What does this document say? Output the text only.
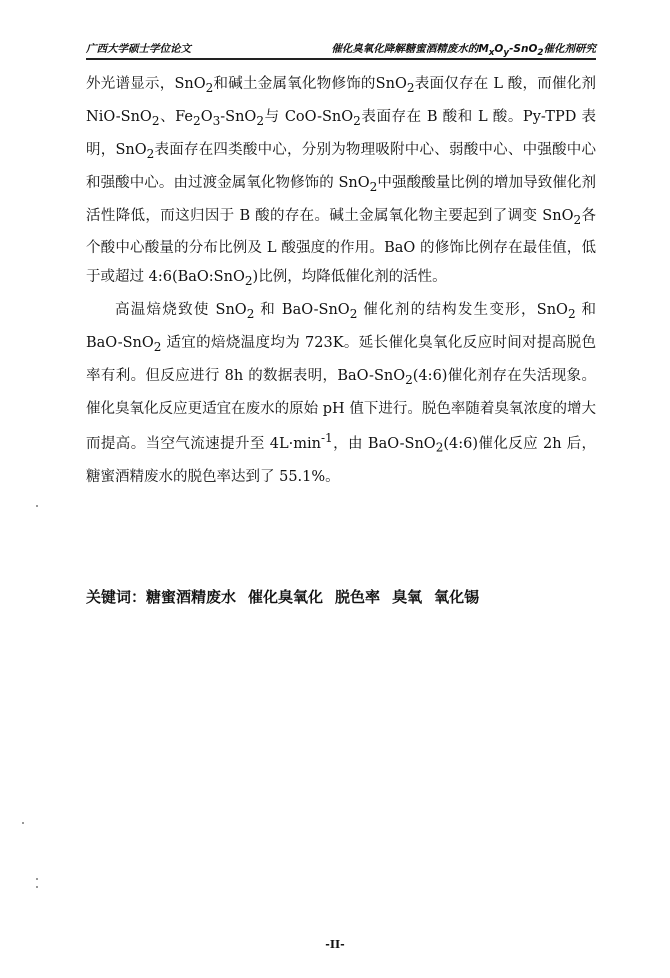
广西大学硕士学位论文	催化臭氧化降解糖蜜酒精废水的$M_xO_y-SnO_2$催化剂研究

外光谱显示，SnO$_2$和碱土金属氧化物修饰的SnO$_2$表面仅存在 L 酸，而催化剂 NiO-SnO$_2$、$Fe_2O_3-SnO_2$与 CoO-SnO$_2$表面存在 B 酸和 L 酸。Py-TPD 表明，SnO$_2$表面存在四类酸中心，分别为物理吸附中心、弱酸中心、中强酸中心和强酸中心。由过渡金属氧化物修饰的 SnO$_2$中强酸酸量比例的增加导致催化剂活性降低，而这归因于 B 酸的存在。碱土金属氧化物主要起到了调变 SnO$_2$各个酸中心酸量的分布比例及 L 酸强度的作用。BaO 的修饰比例存在最佳值，低于或超过 4:6(BaO:SnO$_2$)比例，均降低催化剂的活性。

高温焙烧致使 SnO$_2$ 和 BaO-SnO$_2$ 催化剂的结构发生变形，SnO$_2$ 和 BaO-SnO$_2$ 适宜的焙烧温度均为 723K。延长催化臭氧化反应时间对提高脱色率有利。但反应进行 8h 的数据表明，BaO-SnO$_2$(4:6)催化剂存在失活现象。催化臭氧化反应更适宜在废水的原始 pH 值下进行。脱色率随着臭氧浓度的增大而提高。当空气流速提升至 $4L\cdot\min^{-1}$，由 BaO-SnO$_2$(4:6)催化反应 2h 后，糖蜜酒精废水的脱色率达到了 55.1%。

关键词：糖蜜酒精废水 催化臭氧化 脱色率 臭氧 氧化锡
-II-
